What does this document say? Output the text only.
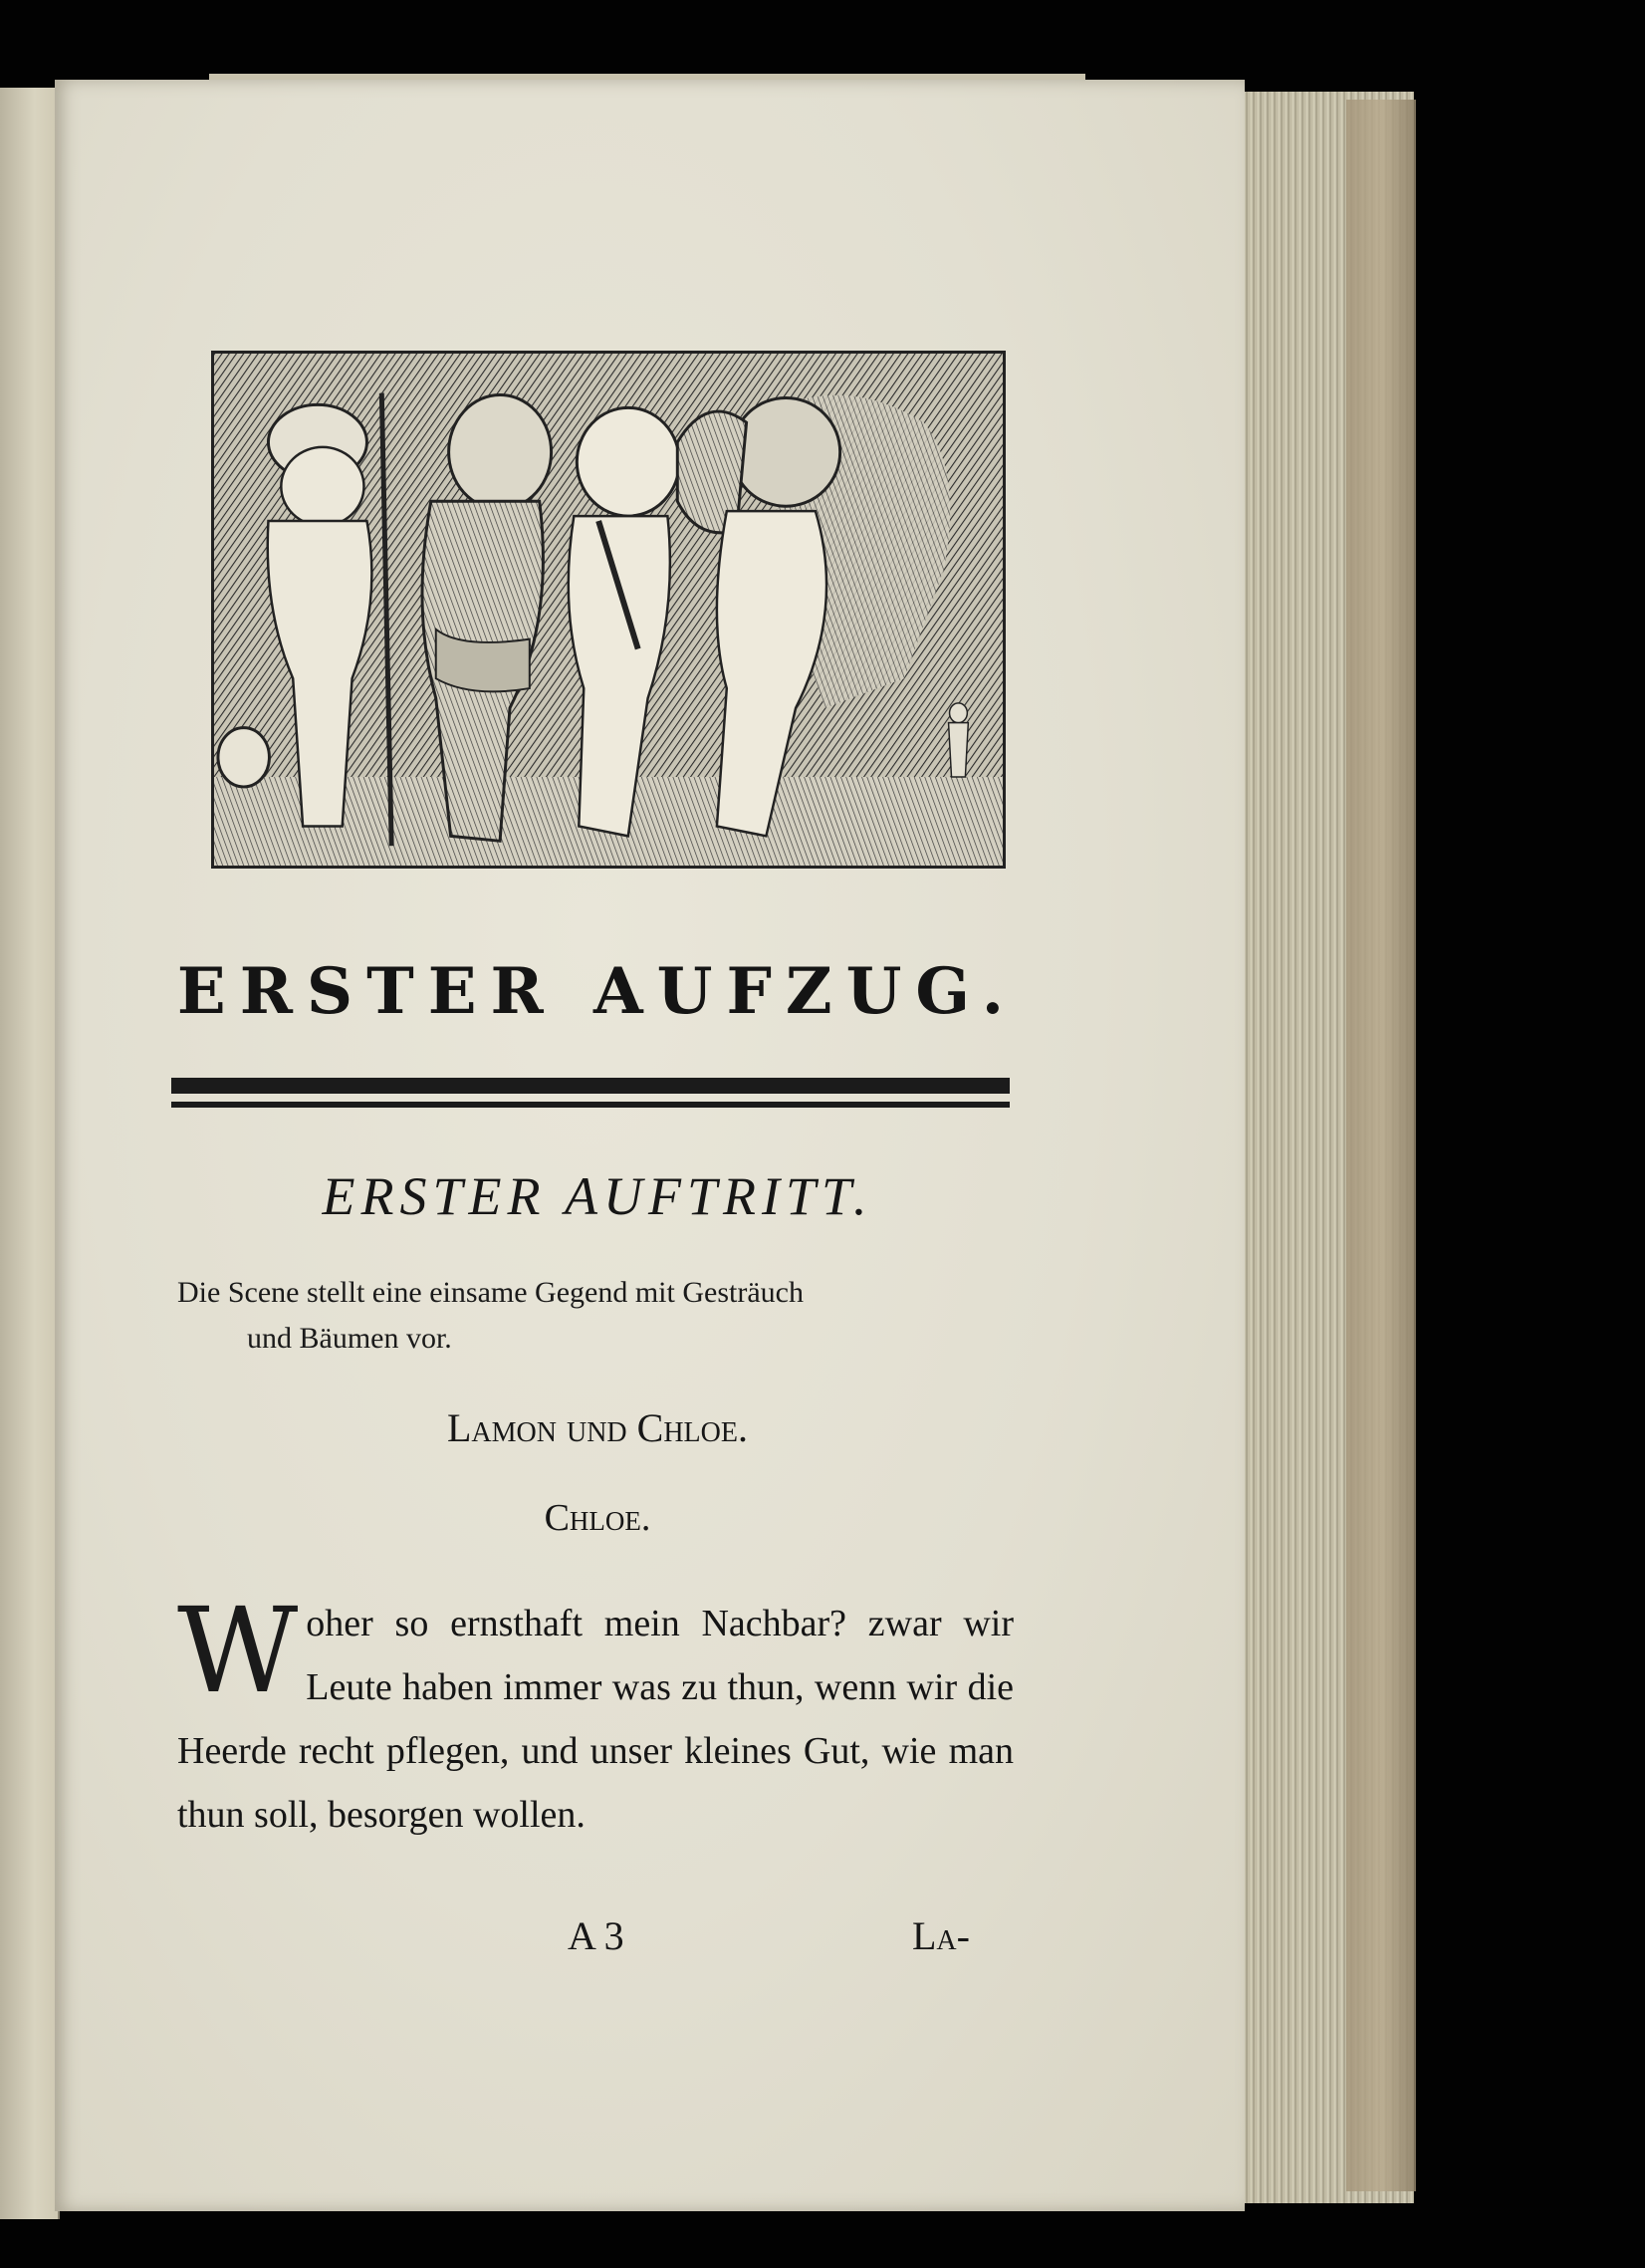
ERSTER AUFZUG.
ERSTER AUFTRITT.
Die Scene stellt eine einsame Gegend mit Gesträuch
und Bäumen vor.
Lamon und Chloe.
Chloe.
Woher so ernsthaft mein Nachbar? zwar wir Leute haben immer was zu thun, wenn wir die Heerde recht pflegen, und unser kleines Gut, wie man thun soll, besorgen wollen.
A 3	La-
